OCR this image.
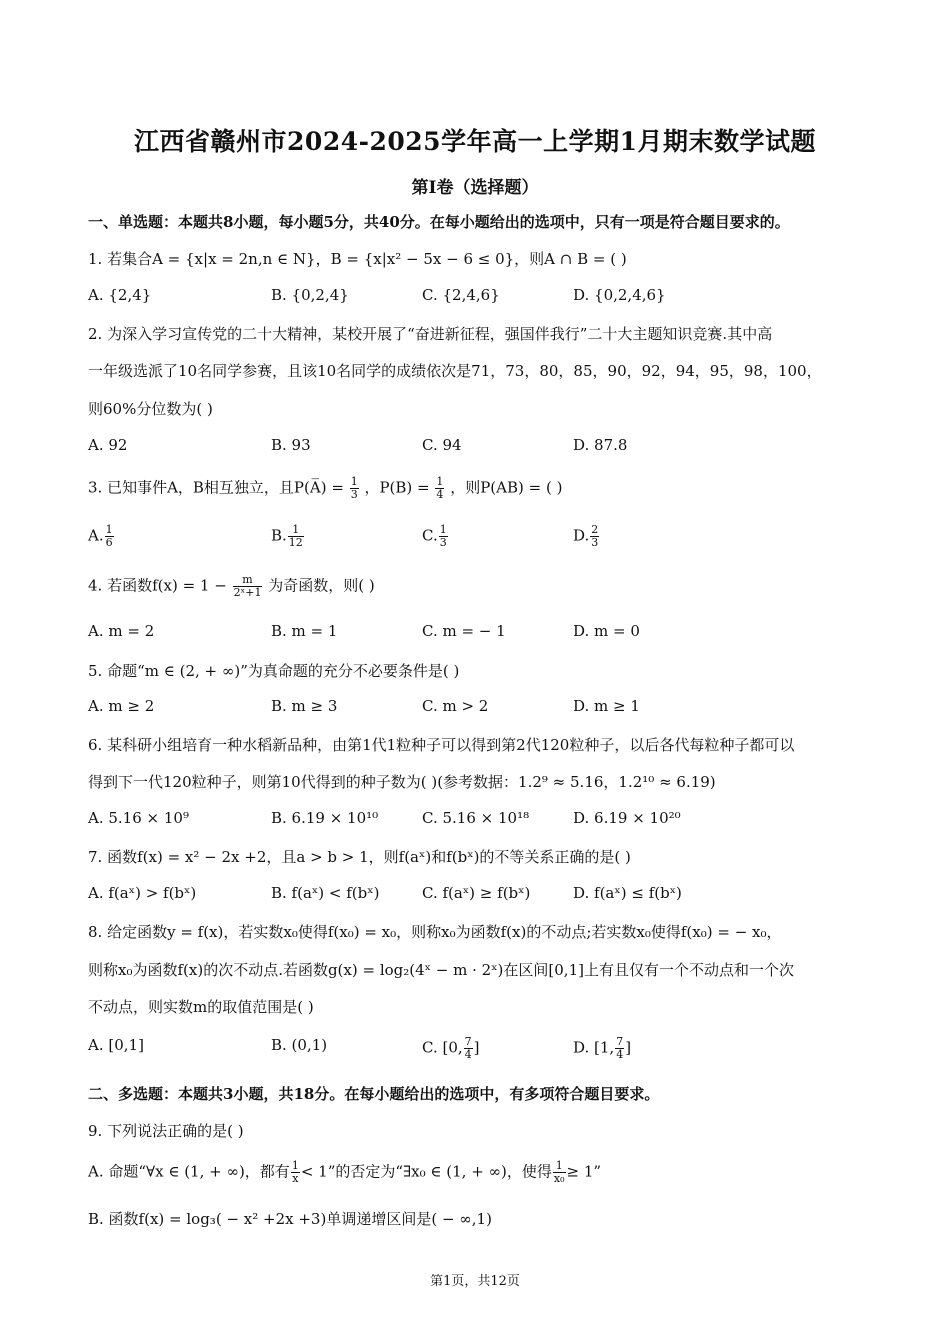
江西省赣州市2024-2025学年高一上学期1月期末数学试题
第I卷（选择题）
一、单选题：本题共8小题，每小题5分，共40分。在每小题给出的选项中，只有一项是符合题目要求的。
1. 若集合A = {x|x = 2n,n ∈ N}，B = {x|x² − 5x − 6 ≤ 0}，则A ∩ B = ( )
A. {2,4}	B. {0,2,4}	C. {2,4,6}	D. {0,2,4,6}
2. 为深入学习宣传党的二十大精神，某校开展了“奋进新征程，强国伴我行”二十大主题知识竞赛.其中高
一年级选派了10名同学参赛，且该10名同学的成绩依次是71，73，80，85，90，92，94，95，98，100，
则60%分位数为( )
A. 92	B. 93	C. 94	D. 87.8
3. 已知事件A，B相互独立，且P(A̅) = $\frac{1}{3}$ ，$P(B) = \frac{1}{4}$ ，则P(AB) = ( )
A. $\frac{1}{6}$	B. $\frac{1}{12}$	C. $\frac{1}{3}$	D. $\frac{2}{3}$
4. 若函数$f(x) = 1 - \frac{m}{\text{2ˣ+1}}$ 为奇函数，则( )
A. m = 2	B. m = 1	C. m = − 1	D. m = 0
5. 命题“m ∈ (2, + ∞)”为真命题的充分不必要条件是( )
A. m ≥ 2	B. m ≥ 3	C. m > 2	D. m ≥ 1
6. 某科研小组培育一种水稻新品种，由第1代1粒种子可以得到第2代120粒种子，以后各代每粒种子都可以
得到下一代120粒种子，则第10代得到的种子数为( )(参考数据：1.2⁹ ≈ 5.16，1.2¹⁰ ≈ 6.19)
A. 5.16 × 10⁹	B. 6.19 × 10¹⁰	C. 5.16 × 10¹⁸	D. 6.19 × 10²⁰
7. 函数f(x) = x² − 2x +2，且a > b > 1，则f(aˣ)和f(bˣ)的不等关系正确的是( )
A. f(aˣ) > f(bˣ)	B. f(aˣ) < f(bˣ)	C. f(aˣ) ≥ f(bˣ)	D. f(aˣ) ≤ f(bˣ)
8. 给定函数y = f(x)，若实数x₀使得f(x₀) = x₀，则称x₀为函数f(x)的不动点;若实数x₀使得f(x₀) = − x₀，
则称x₀为函数f(x)的次不动点.若函数g(x) = log₂(4ˣ − m · 2ˣ)在区间[0,1]上有且仅有一个不动点和一个次
不动点，则实数m的取值范围是( )
A. [0,1]	B. (0,1)	C. [0, $\frac{7}{4}$ ]	D. [1, $\frac{7}{4}$ ]
二、多选题：本题共3小题，共18分。在每小题给出的选项中，有多项符合题目要求。
9. 下列说法正确的是( )
A. 命题“∀x ∈ (1, + ∞)，都有 $\frac{1}{x} < 1$”的否定为“∃x₀ ∈ (1, + ∞)，使得 $\frac{1}{\text{x₀}} \ge 1$”
B. 函数f(x) = log₃( − x² +2x +3)单调递增区间是( − ∞,1)
第1页，共12页
